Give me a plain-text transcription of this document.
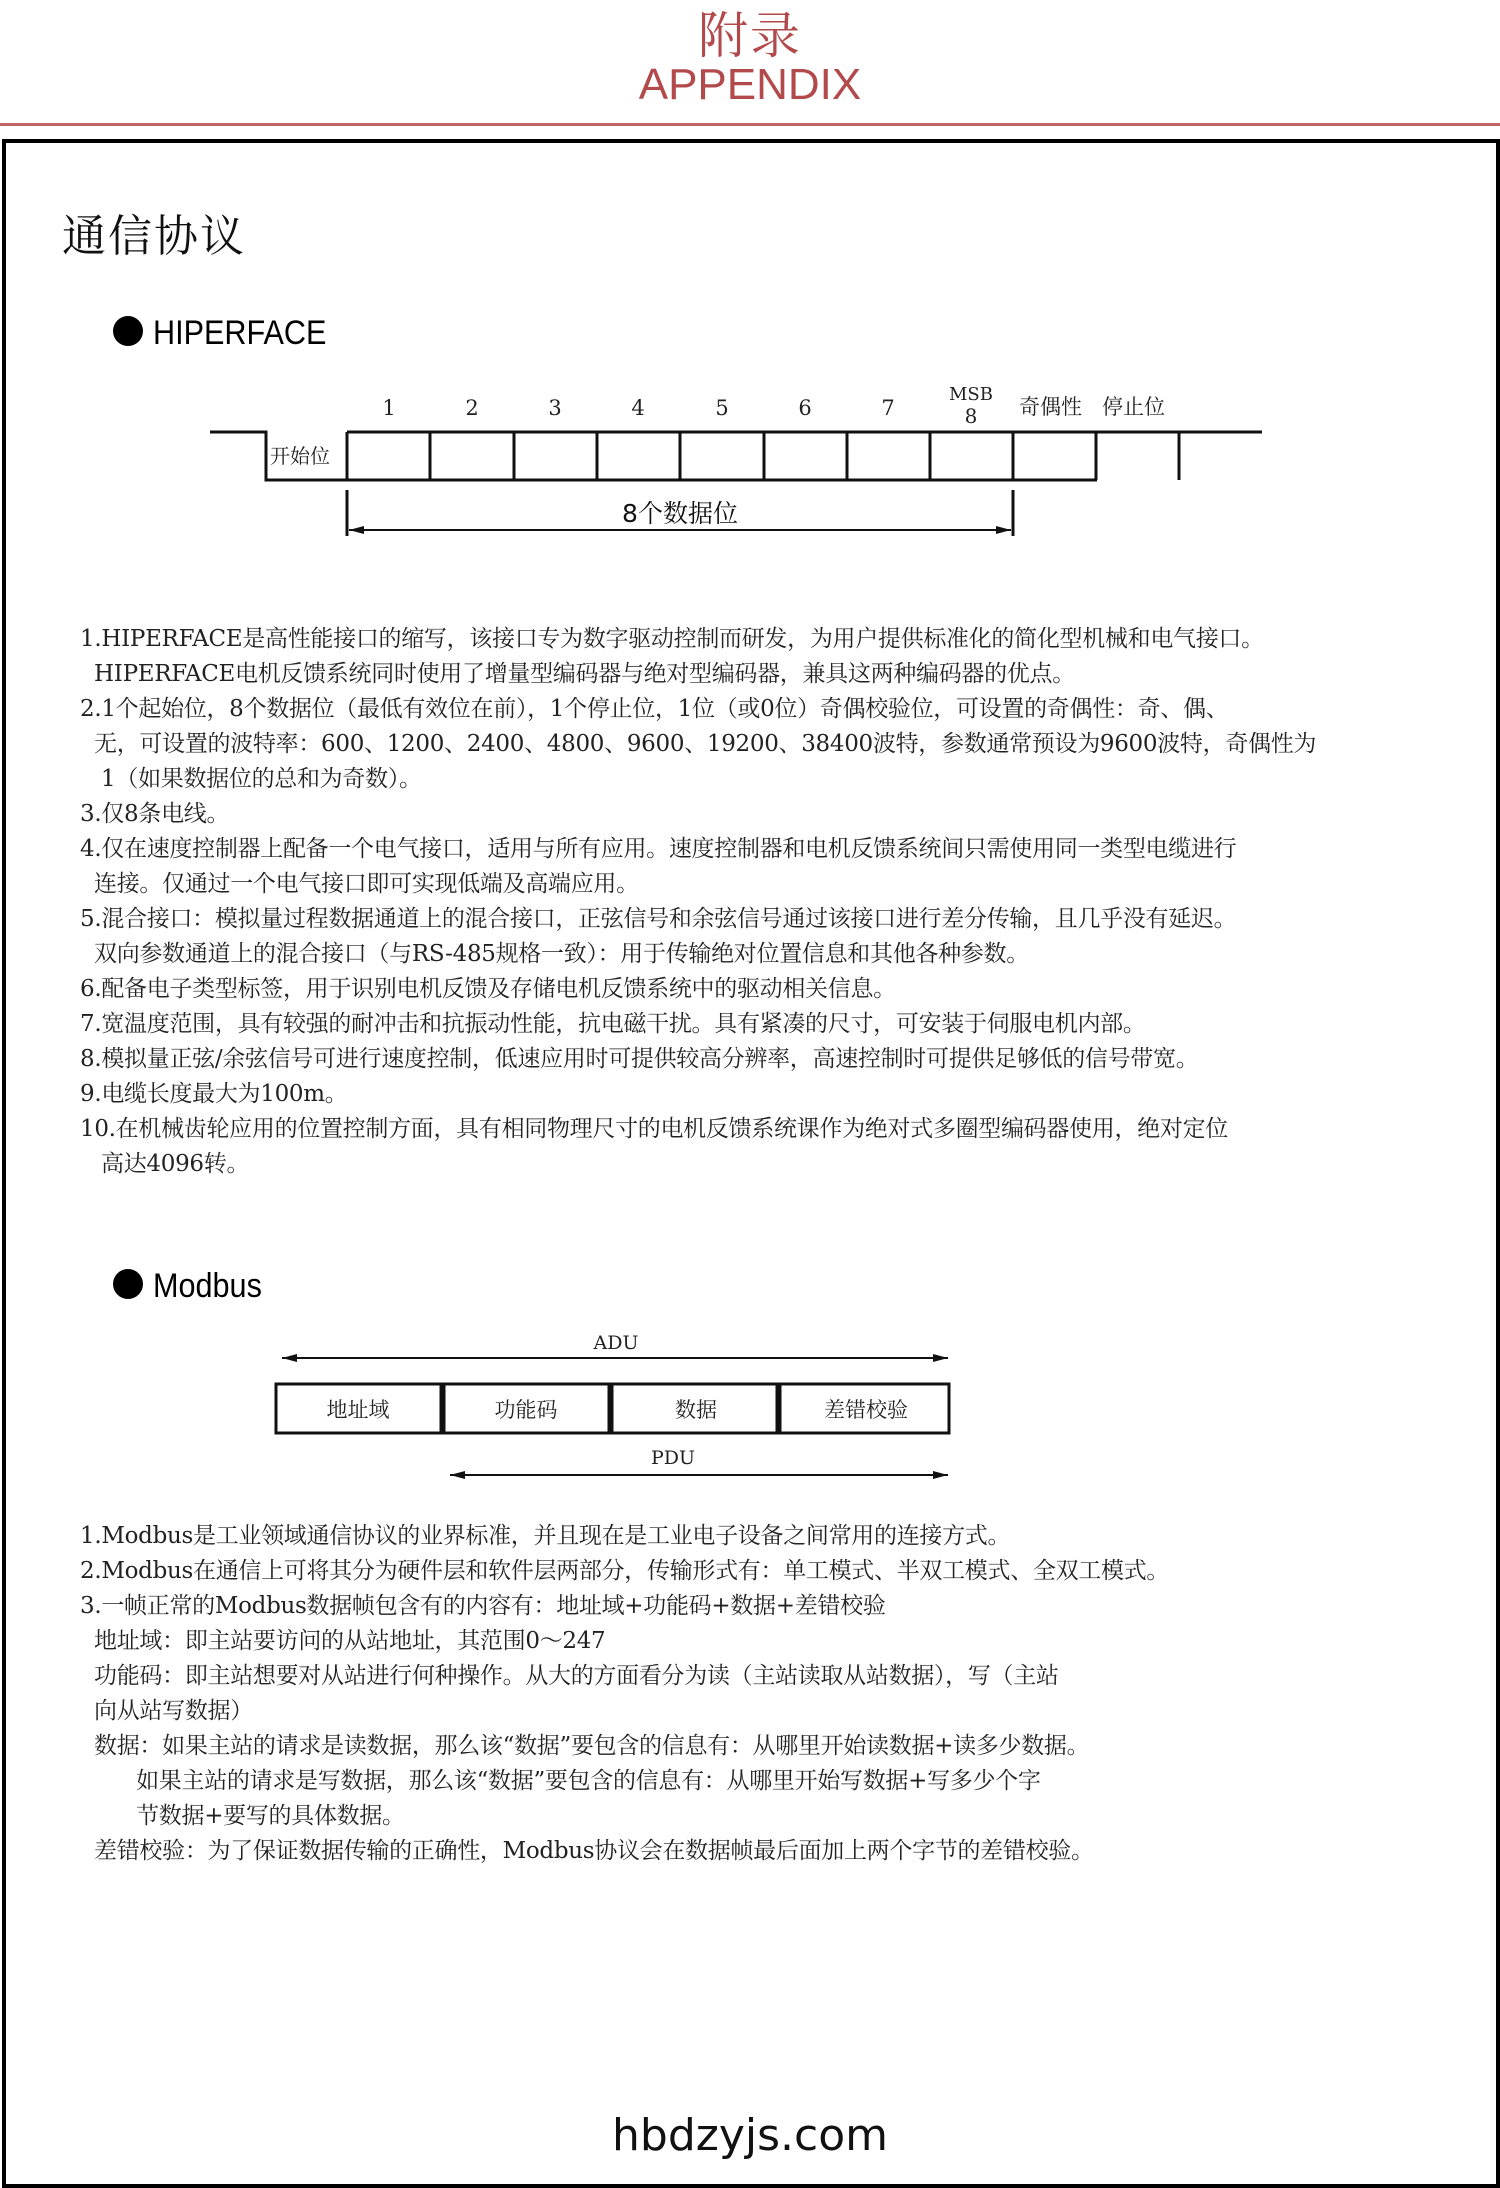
附录
APPENDIX
通信协议
HIPERFACE
1	2	3	4	5	6	7
MSB
8
开始位
奇偶性 停止位
8个数据位
1.HIPERFACE是高性能接口的缩写，该接口专为数字驱动控制而研发，为用户提供标准化的简化型机械和电气接口。
HIPERFACE电机反馈系统同时使用了增量型编码器与绝对型编码器，兼具这两种编码器的优点。
2.1个起始位，8个数据位（最低有效位在前），1个停止位，1位（或0位）奇偶校验位，可设置的奇偶性：奇、偶、
无，可设置的波特率：600、1200、2400、4800、9600、19200、38400波特，参数通常预设为9600波特，奇偶性为
1（如果数据位的总和为奇数）。
3.仅8条电线。
4.仅在速度控制器上配备一个电气接口，适用与所有应用。速度控制器和电机反馈系统间只需使用同一类型电缆进行
连接。仅通过一个电气接口即可实现低端及高端应用。
5.混合接口：模拟量过程数据通道上的混合接口，正弦信号和余弦信号通过该接口进行差分传输，且几乎没有延迟。
双向参数通道上的混合接口（与RS-485规格一致）：用于传输绝对位置信息和其他各种参数。
6.配备电子类型标签，用于识别电机反馈及存储电机反馈系统中的驱动相关信息。
7.宽温度范围，具有较强的耐冲击和抗振动性能，抗电磁干扰。具有紧凑的尺寸，可安装于伺服电机内部。
8.模拟量正弦/余弦信号可进行速度控制，低速应用时可提供较高分辨率，高速控制时可提供足够低的信号带宽。
9.电缆长度最大为100m。
10.在机械齿轮应用的位置控制方面，具有相同物理尺寸的电机反馈系统课作为绝对式多圈型编码器使用，绝对定位
高达4096转。
Modbus
ADU
地址域	功能码	数据	差错校验
PDU
1.Modbus是工业领域通信协议的业界标准，并且现在是工业电子设备之间常用的连接方式。
2.Modbus在通信上可将其分为硬件层和软件层两部分，传输形式有：单工模式、半双工模式、全双工模式。
3.一帧正常的Modbus数据帧包含有的内容有：地址域+功能码+数据+差错校验
地址域：即主站要访问的从站地址，其范围0～247
功能码：即主站想要对从站进行何种操作。从大的方面看分为读（主站读取从站数据），写（主站
向从站写数据）
数据：如果主站的请求是读数据，那么该“数据”要包含的信息有：从哪里开始读数据+读多少数据。
如果主站的请求是写数据，那么该“数据”要包含的信息有：从哪里开始写数据+写多少个字
节数据+要写的具体数据。
差错校验：为了保证数据传输的正确性，Modbus协议会在数据帧最后面加上两个字节的差错校验。
hbdzyjs.com
